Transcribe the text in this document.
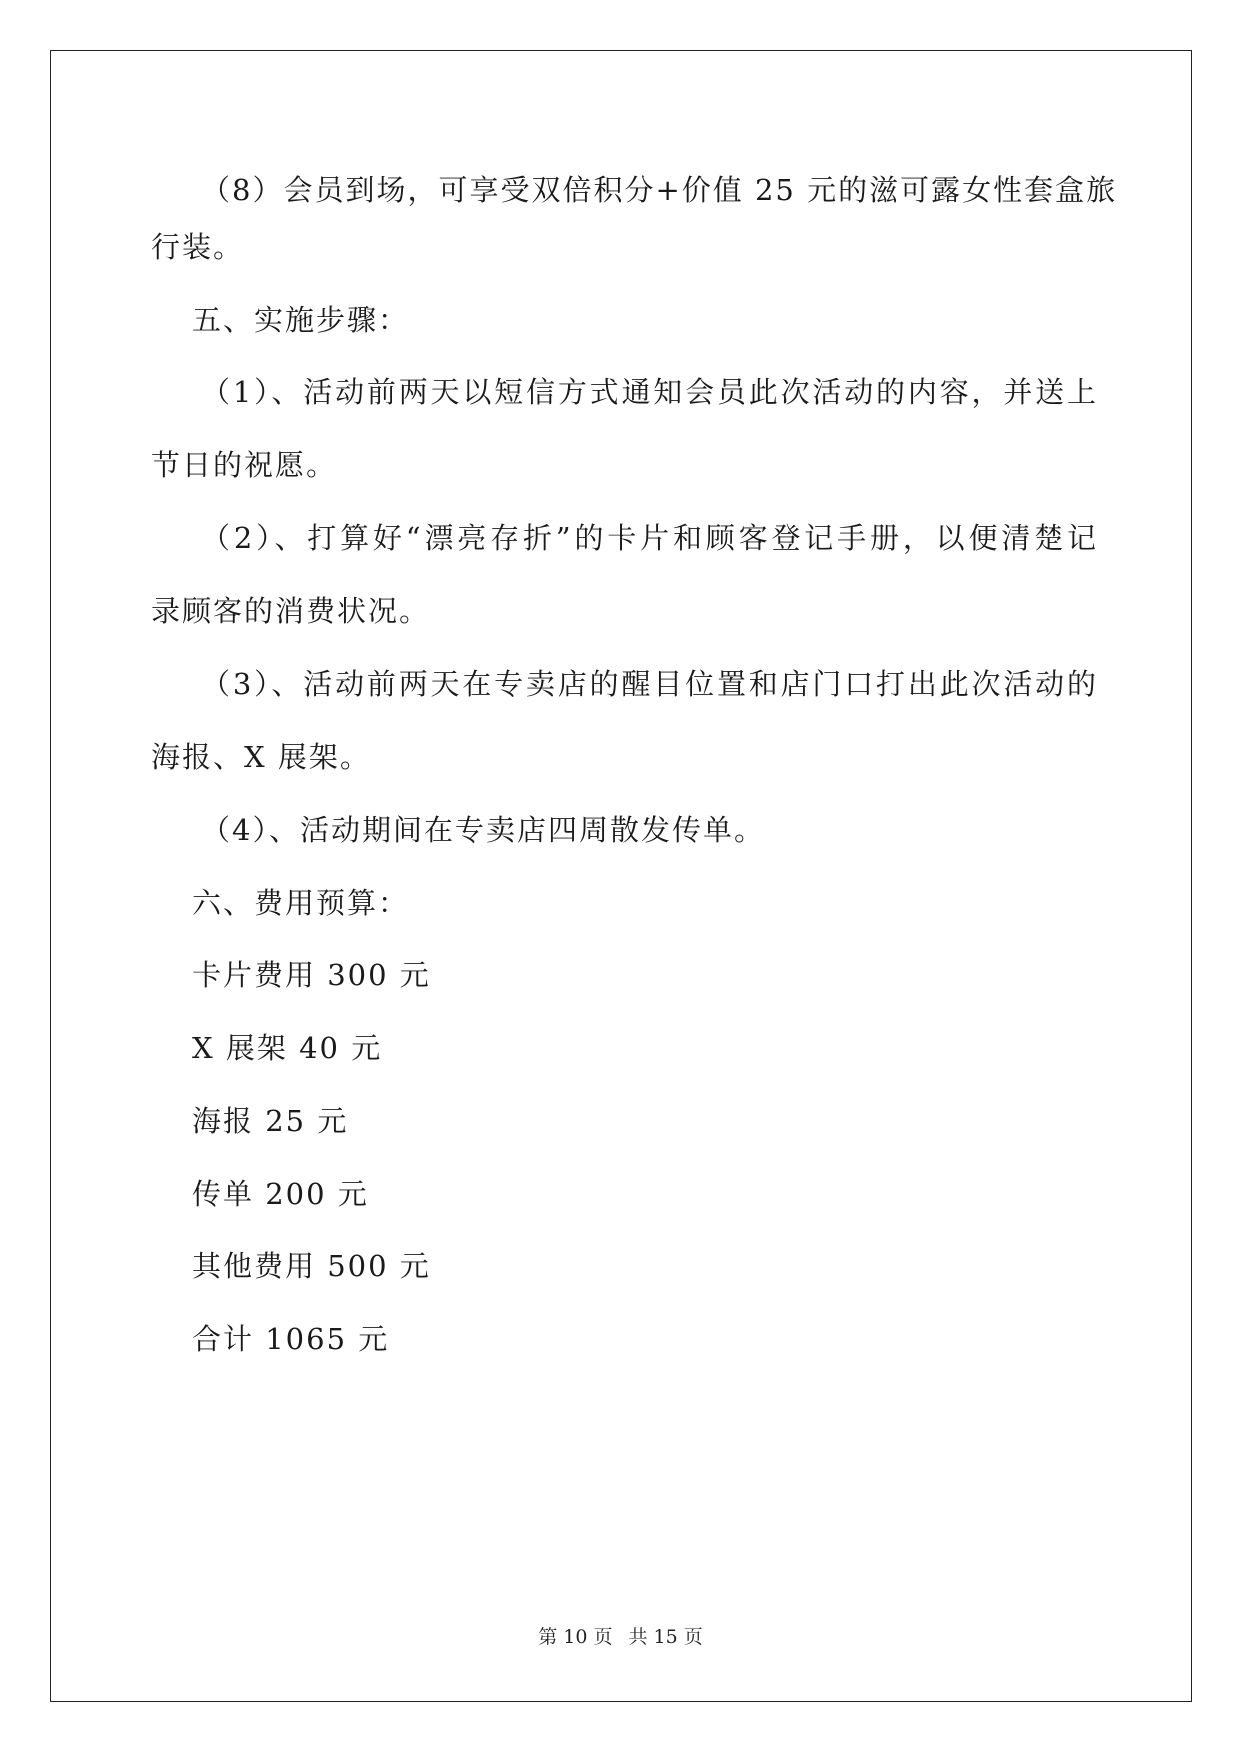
（8）会员到场，可享受双倍积分+价值 25 元的滋可露女性套盒旅
行装。
五、实施步骤：
（1）、活动前两天以短信方式通知会员此次活动的内容，并送上
节日的祝愿。
（2）、打算好“漂亮存折”的卡片和顾客登记手册，以便清楚记
录顾客的消费状况。
（3）、活动前两天在专卖店的醒目位置和店门口打出此次活动的
海报、X 展架。
（4）、活动期间在专卖店四周散发传单。
六、费用预算：
卡片费用 300 元
X 展架 40 元
海报 25 元
传单 200 元
其他费用 500 元
合计 1065 元
第 10 页 共 15 页
